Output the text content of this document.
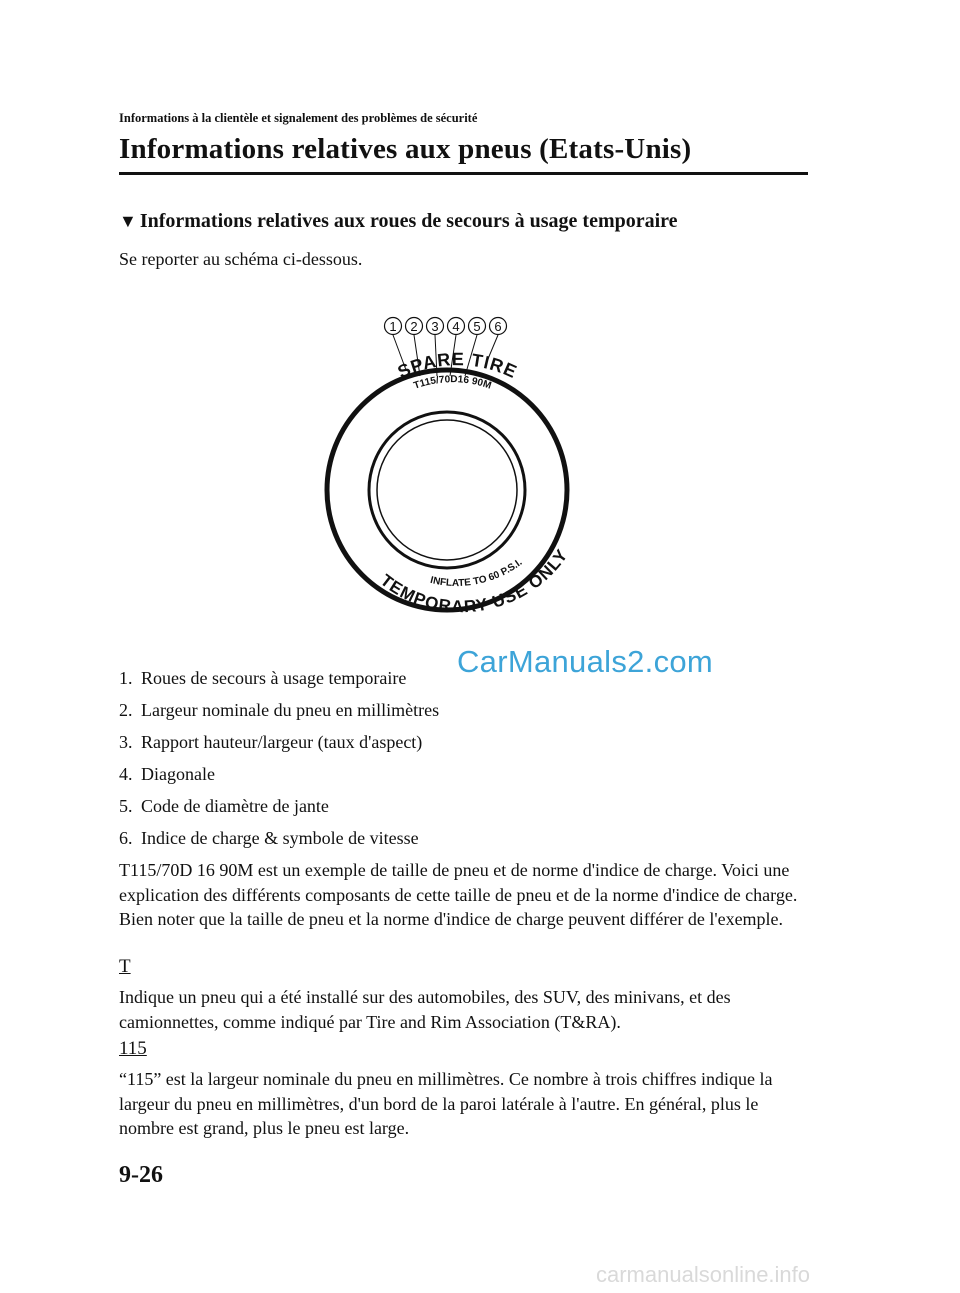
Informations à la clientèle et signalement des problèmes de sécurité
Informations relatives aux pneus (Etats-Unis)
▼ Informations relatives aux roues de secours à usage temporaire
Se reporter au schéma ci-dessous.
1 2 3 4 5 6
SPARE TIRE
T115/70D16 90M
TEMPORARY USE ONLY
INFLATE TO 60 P.S.I.
CarManuals2.com
1. Roues de secours à usage temporaire
2. Largeur nominale du pneu en millimètres
3. Rapport hauteur/largeur (taux d'aspect)
4. Diagonale
5. Code de diamètre de jante
6. Indice de charge & symbole de vitesse
T115/70D 16 90M est un exemple de taille de pneu et de norme d'indice de charge. Voici une explication des différents composants de cette taille de pneu et de la norme d'indice de charge. Bien noter que la taille de pneu et la norme d'indice de charge peuvent différer de l'exemple.
T
Indique un pneu qui a été installé sur des automobiles, des SUV, des minivans, et des camionnettes, comme indiqué par Tire and Rim Association (T&RA).
115
“115” est la largeur nominale du pneu en millimètres. Ce nombre à trois chiffres indique la largeur du pneu en millimètres, d'un bord de la paroi latérale à l'autre. En général, plus le nombre est grand, plus le pneu est large.
9-26
carmanualsonline.info
